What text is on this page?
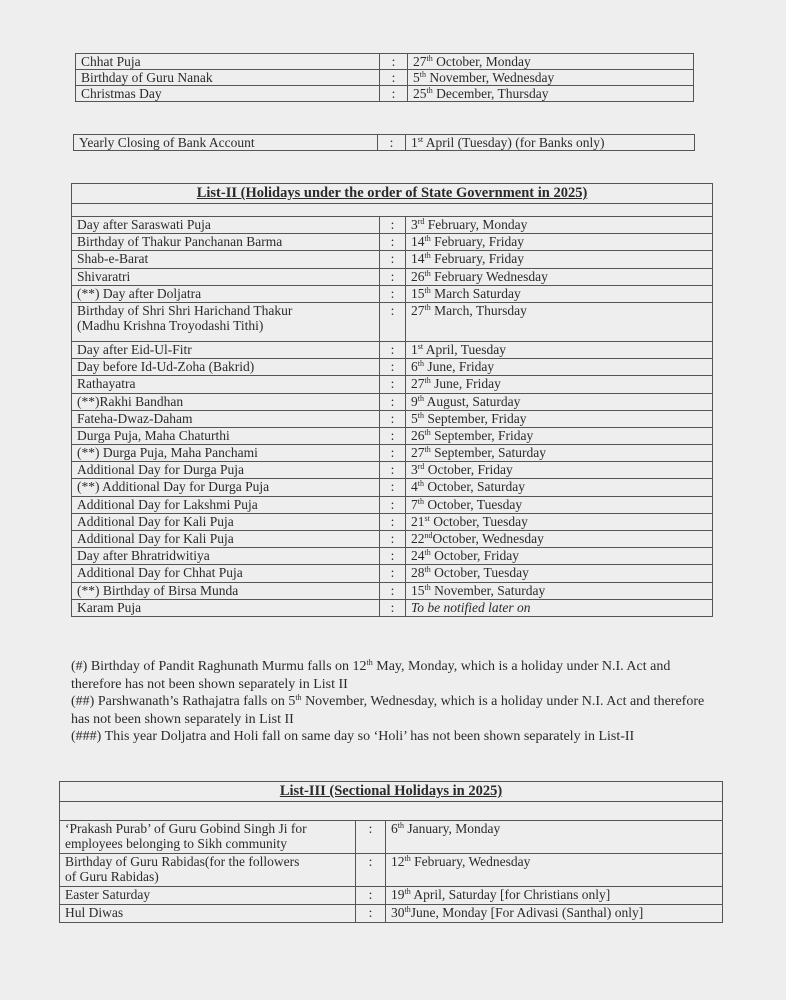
Chhat Puja	:	27th October, Monday
Birthday of Guru Nanak	:	5th November, Wednesday
Christmas Day	:	25th December, Thursday
Yearly Closing of Bank Account	:	1st April (Tuesday) (for Banks only)
List-II (Holidays under the order of State Government in 2025)		

Day after Saraswati Puja	:	3rd February, Monday
Birthday of Thakur Panchanan Barma	:	14th February, Friday
Shab-e-Barat	:	14th February, Friday
Shivaratri	:	26th February Wednesday
(**) Day after Doljatra	:	15th March Saturday
Birthday of Shri Shri Harichand Thakur
(Madhu Krishna Troyodashi Tithi)	:	27th March, Thursday
Day after Eid-Ul-Fitr	:	1st April, Tuesday
Day before Id-Ud-Zoha (Bakrid)	:	6th June, Friday
Rathayatra	:	27th June, Friday
(**)Rakhi Bandhan	:	9th August, Saturday
Fateha-Dwaz-Daham	:	5th September, Friday
Durga Puja, Maha Chaturthi	:	26th September, Friday
(**) Durga Puja, Maha Panchami	:	27th September, Saturday
Additional Day for Durga Puja	:	3rd October, Friday
(**) Additional Day for Durga Puja	:	4th October, Saturday
Additional Day for Lakshmi Puja	:	7th October, Tuesday
Additional Day for Kali Puja	:	21st October, Tuesday
Additional Day for Kali Puja	:	22ndOctober, Wednesday
Day after Bhratridwitiya	:	24th October, Friday
Additional Day for Chhat Puja	:	28th October, Tuesday
(**) Birthday of Birsa Munda	:	15th November, Saturday
Karam Puja	:	To be notified later on

(#) Birthday of Pandit Raghunath Murmu falls on 12th May, Monday, which is a holiday under N.I. Act and therefore has not been shown separately in List II

(##) Parshwanath’s Rathajatra falls on 5th November, Wednesday, which is a holiday under N.I. Act and therefore has not been shown separately in List II

(###) This year Doljatra and Holi fall on same day so ‘Holi’ has not been shown separately in List-II

List-III (Sectional Holidays in 2025)		

‘Prakash Purab’ of Guru Gobind Singh Ji for
employees belonging to Sikh community	:	6th January, Monday
Birthday of Guru Rabidas(for the followers
of Guru Rabidas)	:	12th February, Wednesday
Easter Saturday	:	19th April, Saturday [for Christians only]
Hul Diwas	:	30thJune, Monday [For Adivasi (Santhal) only]
